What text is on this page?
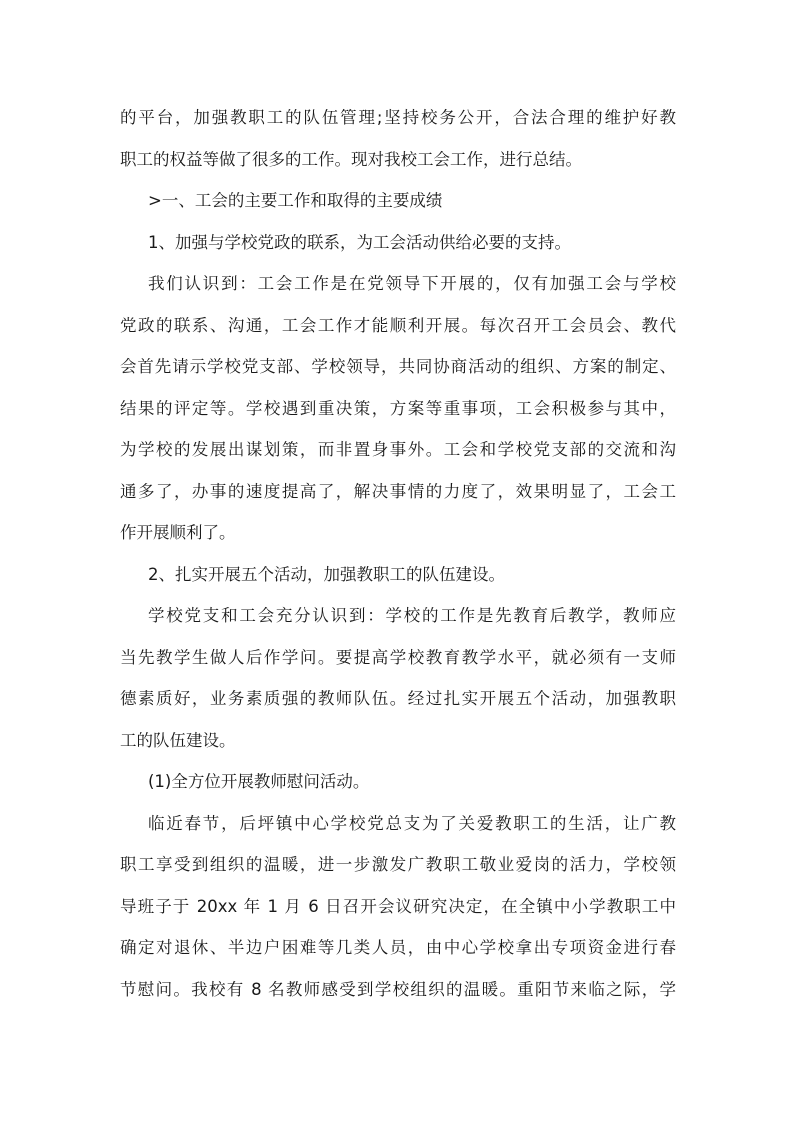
的平台，加强教职工的队伍管理;坚持校务公开，合法合理的维护好教
职工的权益等做了很多的工作。现对我校工会工作，进行总结。
>一、工会的主要工作和取得的主要成绩
1、加强与学校党政的联系，为工会活动供给必要的支持。
我们认识到：工会工作是在党领导下开展的，仅有加强工会与学校
党政的联系、沟通，工会工作才能顺利开展。每次召开工会员会、教代
会首先请示学校党支部、学校领导，共同协商活动的组织、方案的制定、
结果的评定等。学校遇到重决策，方案等重事项，工会积极参与其中，
为学校的发展出谋划策，而非置身事外。工会和学校党支部的交流和沟
通多了，办事的速度提高了，解决事情的力度了，效果明显了，工会工
作开展顺利了。
2、扎实开展五个活动，加强教职工的队伍建设。
学校党支和工会充分认识到：学校的工作是先教育后教学，教师应
当先教学生做人后作学问。要提高学校教育教学水平，就必须有一支师
德素质好，业务素质强的教师队伍。经过扎实开展五个活动，加强教职
工的队伍建设。
(1)全方位开展教师慰问活动。
临近春节，后坪镇中心学校党总支为了关爱教职工的生活，让广教
职工享受到组织的温暖，进一步激发广教职工敬业爱岗的活力，学校领
导班子于 20xx 年 1 月 6 日召开会议研究决定，在全镇中小学教职工中
确定对退休、半边户困难等几类人员，由中心学校拿出专项资金进行春
节慰问。我校有 8 名教师感受到学校组织的温暖。重阳节来临之际，学
